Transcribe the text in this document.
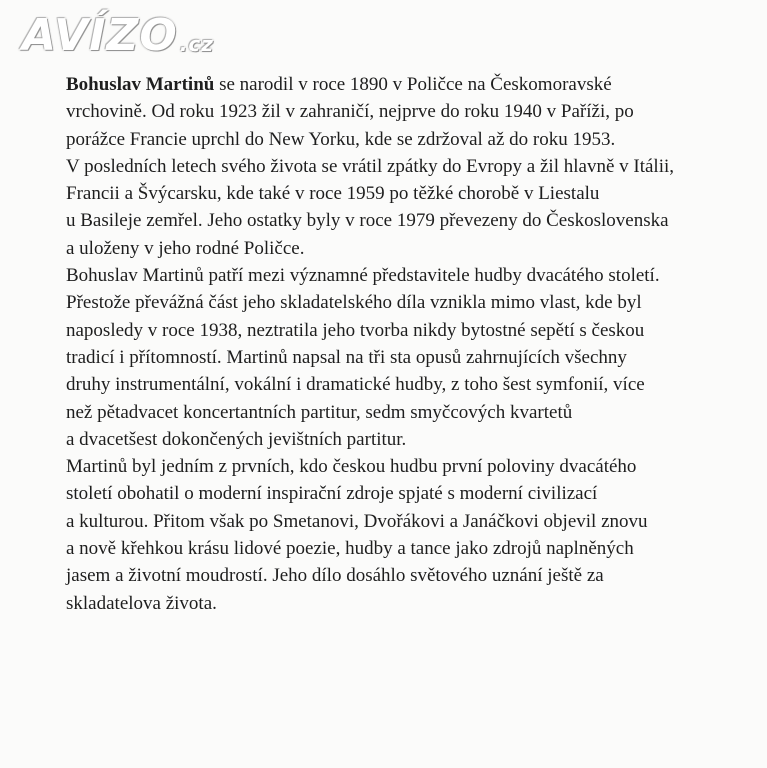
AVÍZO .cz
Bohuslav Martinů se narodil v roce 1890 v Poličce na Českomoravské
vrchovině. Od roku 1923 žil v zahraničí, nejprve do roku 1940 v Paříži, po
porážce Francie uprchl do New Yorku, kde se zdržoval až do roku 1953.
V posledních letech svého života se vrátil zpátky do Evropy a žil hlavně v Itálii,
Francii a Švýcarsku, kde také v roce 1959 po těžké chorobě v Liestalu
u Basileje zemřel. Jeho ostatky byly v roce 1979 převezeny do Československa
a uloženy v jeho rodné Poličce.
Bohuslav Martinů patří mezi významné představitele hudby dvacátého století.
Přestože převážná část jeho skladatelského díla vznikla mimo vlast, kde byl
naposledy v roce 1938, neztratila jeho tvorba nikdy bytostné sepětí s českou
tradicí i přítomností. Martinů napsal na tři sta opusů zahrnujících všechny
druhy instrumentální, vokální i dramatické hudby, z toho šest symfonií, více
než pětadvacet koncertantních partitur, sedm smyčcových kvartetů
a dvacetšest dokončených jevištních partitur.
Martinů byl jedním z prvních, kdo českou hudbu první poloviny dvacátého
století obohatil o moderní inspirační zdroje spjaté s moderní civilizací
a kulturou. Přitom však po Smetanovi, Dvořákovi a Janáčkovi objevil znovu
a nově křehkou krásu lidové poezie, hudby a tance jako zdrojů naplněných
jasem a životní moudrostí. Jeho dílo dosáhlo světového uznání ještě za
skladatelova života.
